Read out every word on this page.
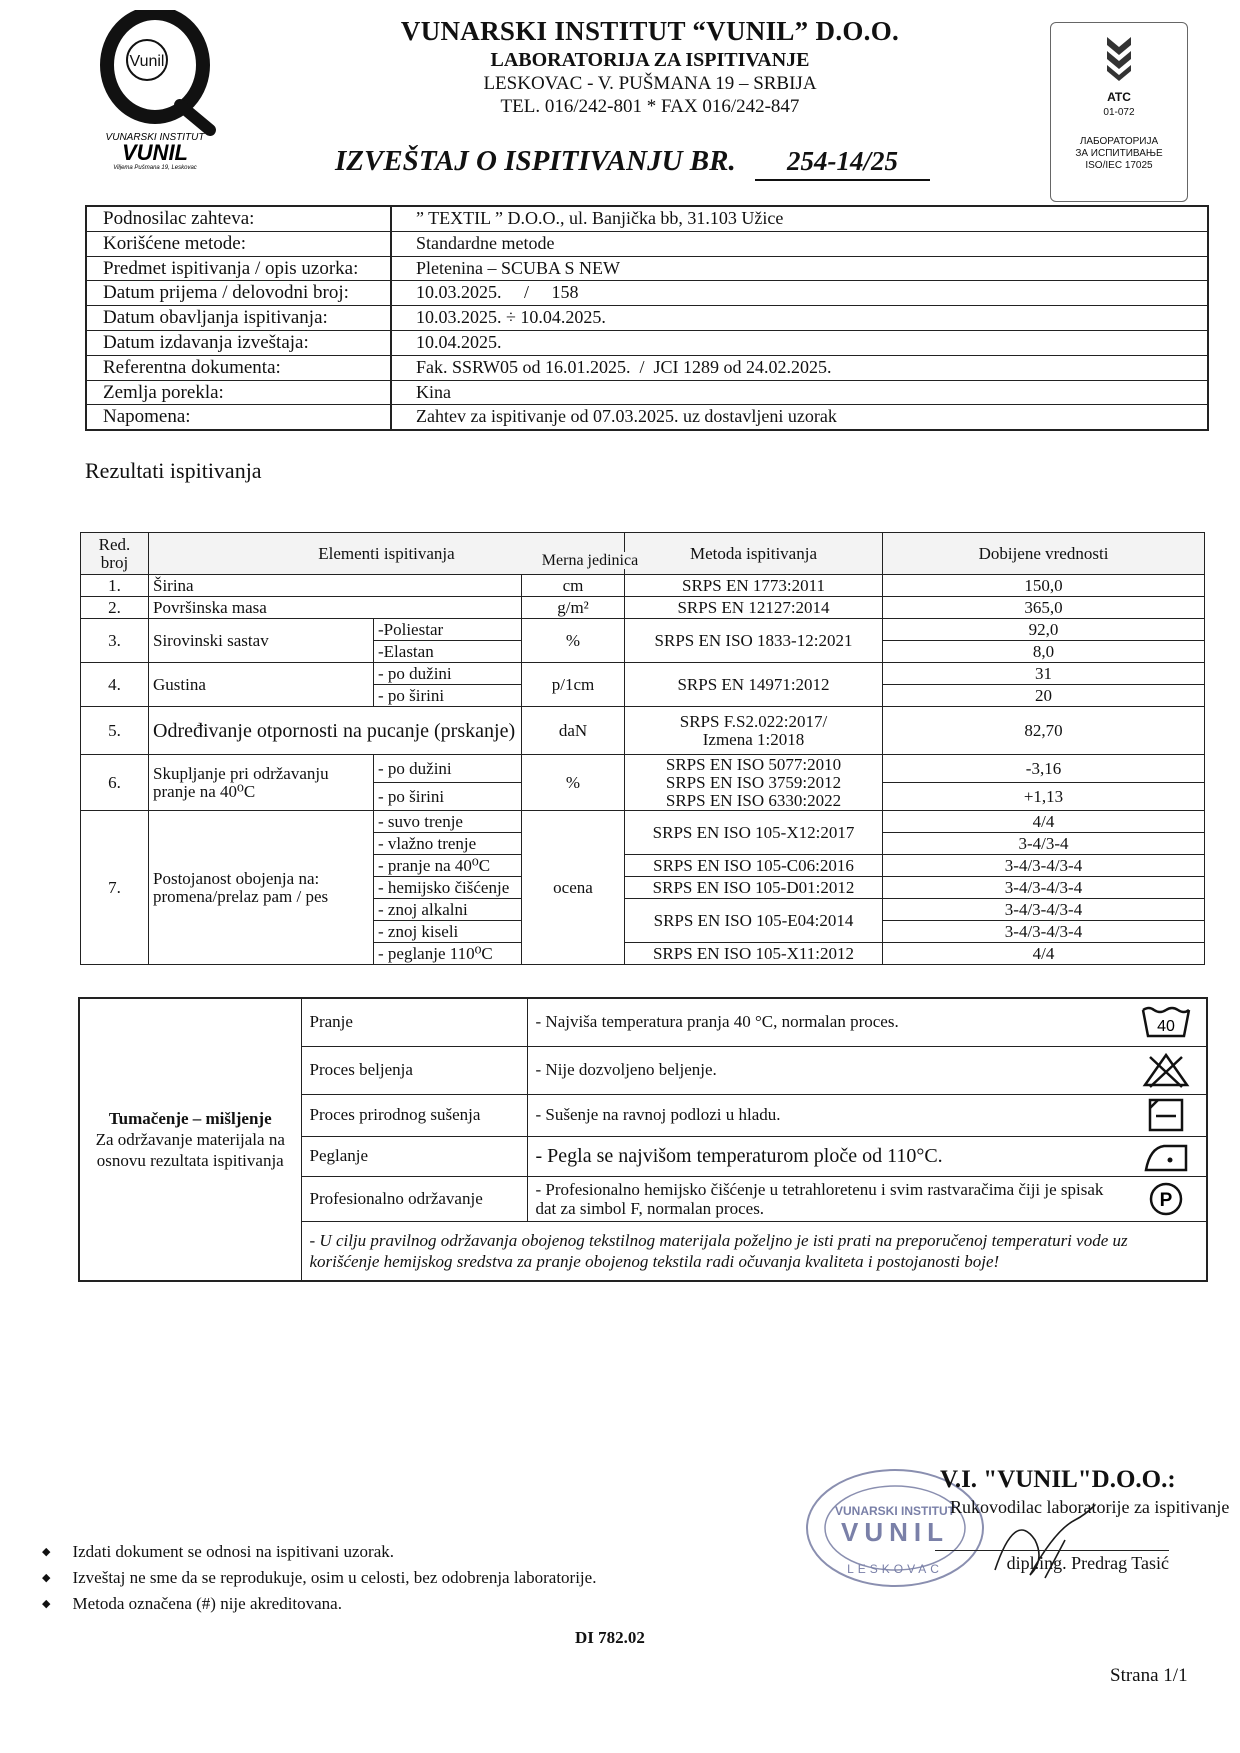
Vunil
VUNARSKI INSTITUT
VUNIL
Viljema Pušmana 19, Leskovac
VUNARSKI INSTITUT “VUNIL” D.O.O.
LABORATORIJA ZA ISPITIVANJE
LESKOVAC - V. PUŠMANA 19 – SRBIJA
TEL. 016/242-801 * FAX 016/242-847
IZVEŠTAJ O ISPITIVANJU BR.	254-14/25
ATC
01-072
ЛАБОРАТОРИЈА
ЗА ИСПИТИВАЊЕ
ISO/IEC 17025
Podnosilac zahteva:	” TEXTIL ” D.O.O., ul. Banjička bb, 31.103 Užice
Korišćene metode:	Standardne metode
Predmet ispitivanja / opis uzorka:	Pletenina – SCUBA S NEW
Datum prijema / delovodni broj:	10.03.2025.     /     158
Datum obavljanja ispitivanja:	10.03.2025. ÷ 10.04.2025.
Datum izdavanja izveštaja:	10.04.2025.
Referentna dokumenta:	Fak. SSRW05 od 16.01.2025.  /  JCI 1289 od 24.02.2025.
Zemlja porekla:	Kina
Napomena:	Zahtev za ispitivanje od 07.03.2025. uz dostavljeni uzorak
Rezultati ispitivanja
Red. broj	Elementi ispitivanja			Metoda ispitivanja	Dobijene vrednosti
1.	Širina		cm	SRPS EN 1773:2011	150,0
2.	Površinska masa		g/m²	SRPS EN 12127:2014	365,0
3.	Sirovinski sastav	-Poliestar	%	SRPS EN ISO 1833-12:2021	92,0
		-Elastan			8,0
4.	Gustina	- po dužini	p/1cm	SRPS EN 14971:2012	31
		- po širini			20
5.	Određivanje otpornosti na pucanje (prskanje)		daN	SRPS F.S2.022:2017/
Izmena 1:2018	82,70
6.	Skupljanje pri održavanju pranje na 40⁰C	- po dužini	%	SRPS EN ISO 5077:2010
SRPS EN ISO 3759:2012
SRPS EN ISO 6330:2022	-3,16
		- po širini			+1,13
7.	Postojanost obojenja na: promena/prelaz pam / pes	- suvo trenje	ocena	SRPS EN ISO 105-X12:2017	4/4
		- vlažno trenje			3-4/3-4
		- pranje na 40⁰C		SRPS EN ISO 105-C06:2016	3-4/3-4/3-4
		- hemijsko čišćenje		SRPS EN ISO 105-D01:2012	3-4/3-4/3-4
		- znoj alkalni		SRPS EN ISO 105-E04:2014	3-4/3-4/3-4
		- znoj kiseli			3-4/3-4/3-4
		- peglanje 110⁰C		SRPS EN ISO 105-X11:2012	4/4
Merna jedinica
Tumačenje – mišljenje
Za održavanje materijala na osnovu rezultata ispitivanja	Pranje	- Najviša temperatura pranja 40 °C, normalan proces. 40

	Proces beljenja	- Nije dozvoljeno beljenje.

	Proces prirodnog sušenja	- Sušenje na ravnoj podlozi u hladu.

	Peglanje	- Pegla se najvišom temperaturom ploče od 110°C.

	Profesionalno održavanje	- Profesionalno hemijsko čišćenje u tetrahloretenu i svim rastvaračima čiji je spisak dat za simbol F, normalan proces. P

	- U cilju pravilnog održavanja obojenog tekstilnog materijala poželjno je isti prati na preporučenoj temperaturi vode uz korišćenje hemijskog sredstva za pranje obojenog tekstila radi očuvanja kvaliteta i postojanosti boje!	
VUNARSKI INSTITUT
VUNIL
LESKOVAC
V.I. "VUNIL"D.O.O.:
Rukovodilac laboratorije za ispitivanje
dipl.ing. Predrag Tasić
◆ Izdati dokument se odnosi na ispitivani uzorak.
◆ Izveštaj ne sme da se reprodukuje, osim u celosti, bez odobrenja laboratorije.
◆ Metoda označena (#) nije akreditovana.
DI 782.02
Strana 1/1
